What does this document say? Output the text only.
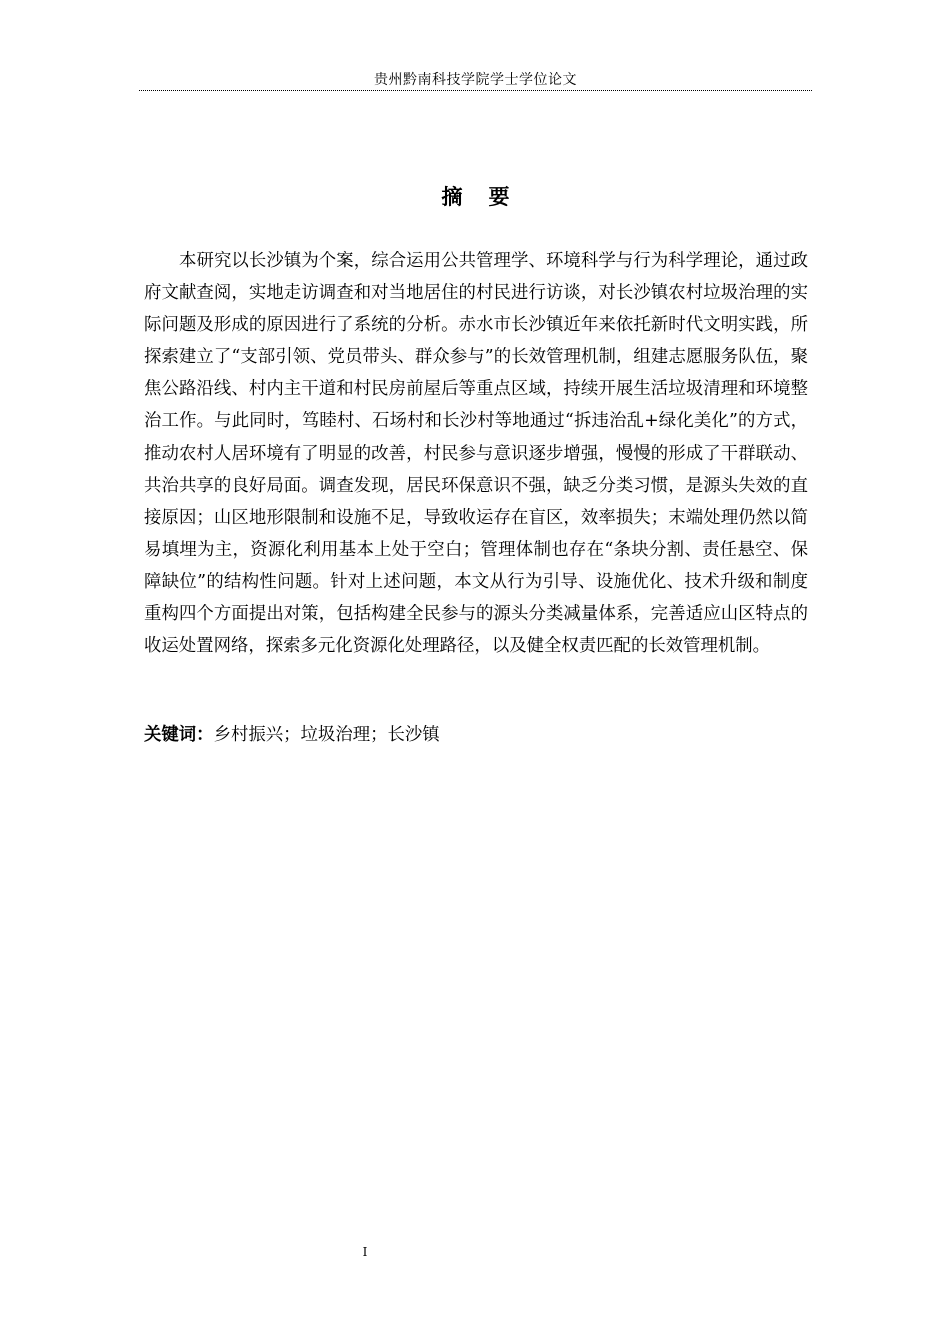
贵州黔南科技学院学士学位论文
摘要

本研究以长沙镇为个案，综合运用公共管理学、环境科学与行为科学理论，通过政府文献查阅，实地走访调查和对当地居住的村民进行访谈，对长沙镇农村垃圾治理的实际问题及形成的原因进行了系统的分析。赤水市长沙镇近年来依托新时代文明实践，所探索建立了“支部引领、党员带头、群众参与”的长效管理机制，组建志愿服务队伍，聚焦公路沿线、村内主干道和村民房前屋后等重点区域，持续开展生活垃圾清理和环境整治工作。与此同时，笃睦村、石场村和长沙村等地通过“拆违治乱+绿化美化”的方式，推动农村人居环境有了明显的改善，村民参与意识逐步增强，慢慢的形成了干群联动、共治共享的良好局面。调查发现，居民环保意识不强，缺乏分类习惯，是源头失效的直接原因；山区地形限制和设施不足，导致收运存在盲区，效率损失；末端处理仍然以简易填埋为主，资源化利用基本上处于空白；管理体制也存在“条块分割、责任悬空、保障缺位”的结构性问题。针对上述问题，本文从行为引导、设施优化、技术升级和制度重构四个方面提出对策，包括构建全民参与的源头分类减量体系，完善适应山区特点的收运处置网络，探索多元化资源化处理路径，以及健全权责匹配的长效管理机制。

关键词：乡村振兴；垃圾治理；长沙镇
I
